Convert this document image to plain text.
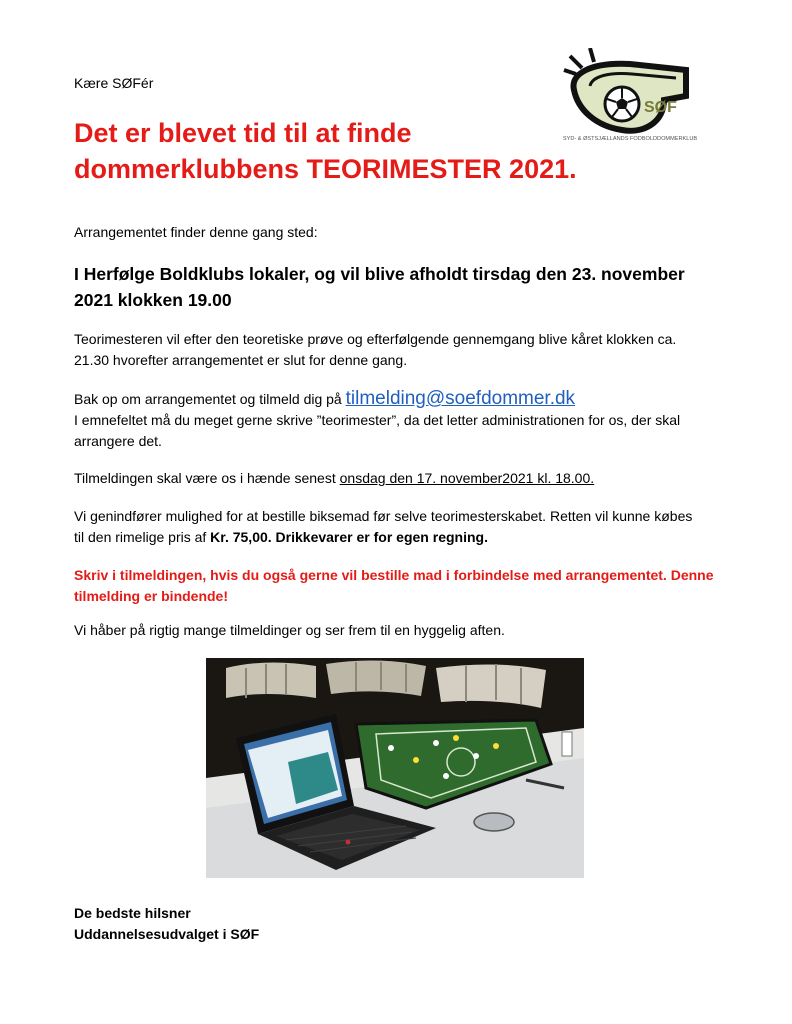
SØF
SYD- & ØSTSJÆLLANDS FODBOLDDOMMERKLUB

Kære SØFér

Det er blevet tid til at finde
dommerklubbens TEORIMESTER 2021.

Arrangementet finder denne gang sted:

I Herfølge Boldklubs lokaler, og vil blive afholdt tirsdag den 23. november
2021 klokken 19.00
Teorimesteren vil efter den teoretiske prøve og efterfølgende gennemgang blive kåret klokken ca.
21.30 hvorefter arrangementet er slut for denne gang.
Bak op om arrangementet og tilmeld dig på tilmelding@soefdommer.dk
I emnefeltet må du meget gerne skrive ”teorimester”, da det letter administrationen for os, der skal
arrangere det.

Tilmeldingen skal være os i hænde senest onsdag den 17. november2021 kl. 18.00.

Vi genindfører mulighed for at bestille biksemad før selve teorimesterskabet. Retten vil kunne købes
til den rimelige pris af Kr. 75,00. Drikkevarer er for egen regning.
Skriv i tilmeldingen, hvis du også gerne vil bestille mad i forbindelse med arrangementet. Denne
tilmelding er bindende!

Vi håber på rigtig mange tilmeldinger og ser frem til en hyggelig aften.

De bedste hilsner
Uddannelsesudvalget i SØF
